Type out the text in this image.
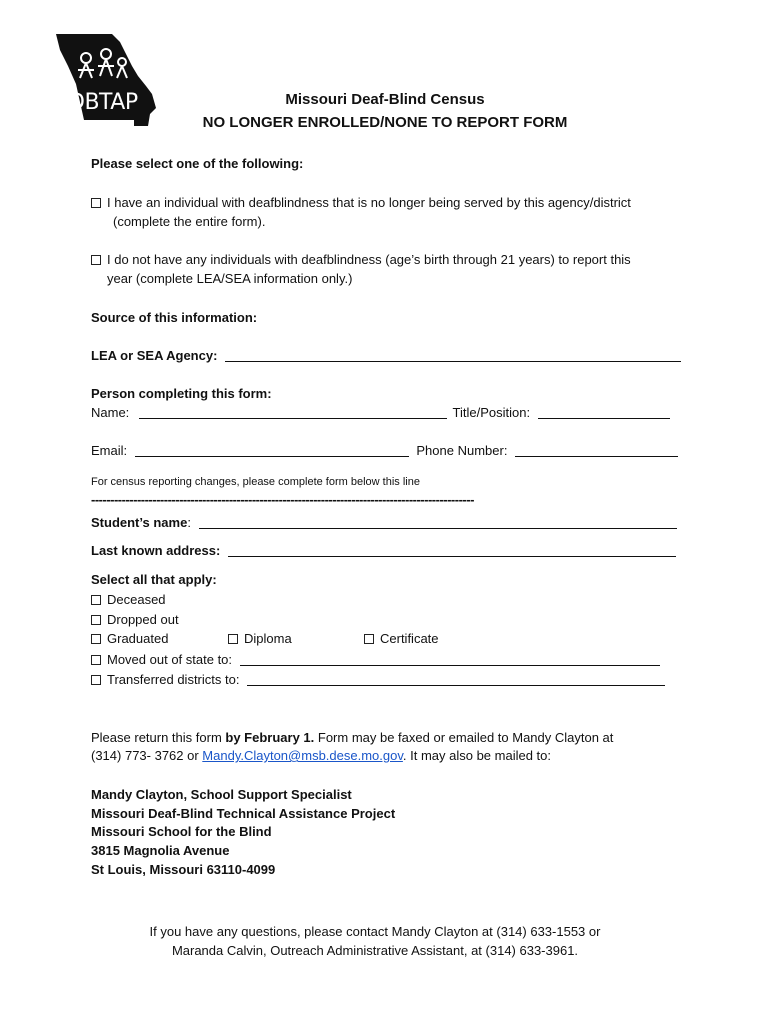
DBTAP	Missouri Deaf-Blind Census
NO LONGER ENROLLED/NONE TO REPORT FORM
Please select one of the following:
I have an individual with deafblindness that is no longer being served by this agency/district
(complete the entire form).
I do not have any individuals with deafblindness (age’s birth through 21 years) to report this
year (complete LEA/SEA information only.)
Source of this information:
LEA or SEA Agency:
Person completing this form:
Name:	Title/Position:
Email:	Phone Number:
For census reporting changes, please complete form below this line
----------------------------------------------------------------------------------------------------
Student’s name:
Last known address:
Select all that apply:
Deceased
Dropped out
Graduated	Diploma	Certificate
Moved out of state to:
Transferred districts to:
Please return this form by February 1. Form may be faxed or emailed to Mandy Clayton at
(314) 773- 3762 or Mandy.Clayton@msb.dese.mo.gov. It may also be mailed to:
Mandy Clayton, School Support Specialist
Missouri Deaf-Blind Technical Assistance Project
Missouri School for the Blind
3815 Magnolia Avenue
St Louis, Missouri 63110-4099
If you have any questions, please contact Mandy Clayton at (314) 633-1553 or
Maranda Calvin, Outreach Administrative Assistant, at (314) 633-3961.
